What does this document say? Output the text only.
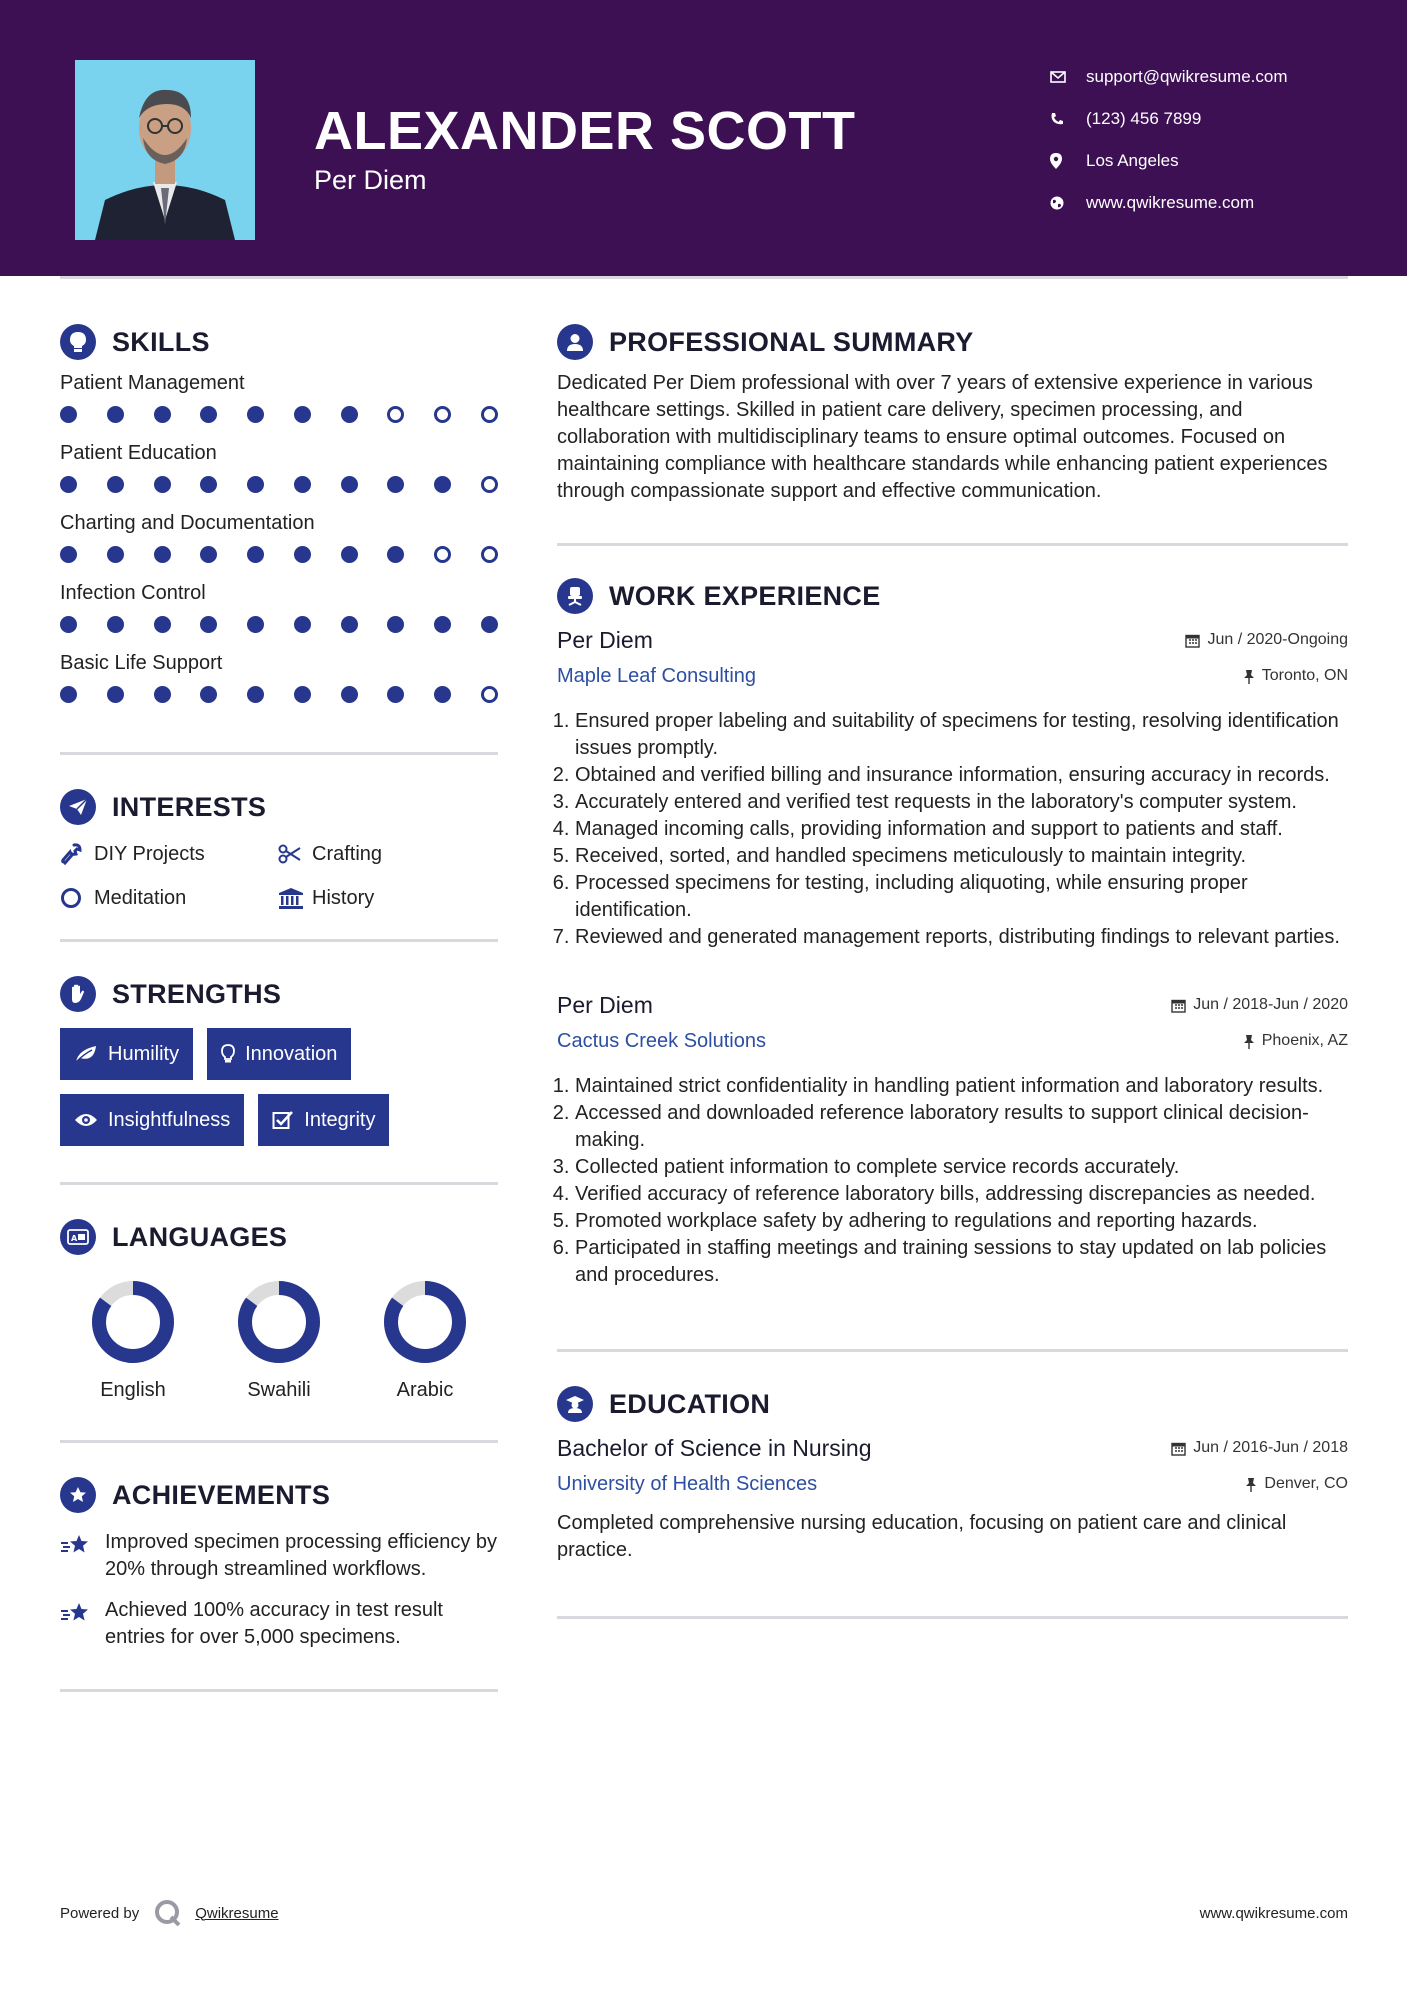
ALEXANDER SCOTT
Per Diem
support@qwikresume.com
(123) 456 7899
Los Angeles
www.qwikresume.com
SKILLS
Patient Management
Patient Education
Charting and Documentation
Infection Control
Basic Life Support
INTERESTS
DIY Projects	Crafting
Meditation	History
STRENGTHS
Humility	Innovation
Insightfulness	Integrity
A LANGUAGES
English	Swahili	Arabic
ACHIEVEMENTS
Improved specimen processing efficiency by 20% through streamlined workflows.
Achieved 100% accuracy in test result entries for over 5,000 specimens.
PROFESSIONAL SUMMARY

Dedicated Per Diem professional with over 7 years of extensive experience in various healthcare settings. Skilled in patient care delivery, specimen processing, and collaboration with multidisciplinary teams to ensure optimal outcomes. Focused on maintaining compliance with healthcare standards while enhancing patient experiences through compassionate support and effective communication.

WORK EXPERIENCE
Per Diem	Jun / 2020-Ongoing
Maple Leaf Consulting	Toronto, ON
1. Ensured proper labeling and suitability of specimens for testing, resolving identification issues promptly.
2. Obtained and verified billing and insurance information, ensuring accuracy in records.
3. Accurately entered and verified test requests in the laboratory's computer system.
4. Managed incoming calls, providing information and support to patients and staff.
5. Received, sorted, and handled specimens meticulously to maintain integrity.
6. Processed specimens for testing, including aliquoting, while ensuring proper identification.
7. Reviewed and generated management reports, distributing findings to relevant parties.
Per Diem	Jun / 2018-Jun / 2020
Cactus Creek Solutions	Phoenix, AZ
1. Maintained strict confidentiality in handling patient information and laboratory results.
2. Accessed and downloaded reference laboratory results to support clinical decision-making.
3. Collected patient information to complete service records accurately.
4. Verified accuracy of reference laboratory bills, addressing discrepancies as needed.
5. Promoted workplace safety by adhering to regulations and reporting hazards.
6. Participated in staffing meetings and training sessions to stay updated on lab policies and procedures.
EDUCATION
Bachelor of Science in Nursing	Jun / 2016-Jun / 2018
University of Health Sciences	Denver, CO

Completed comprehensive nursing education, focusing on patient care and clinical practice.

Powered by	Qwikresume	www.qwikresume.com
